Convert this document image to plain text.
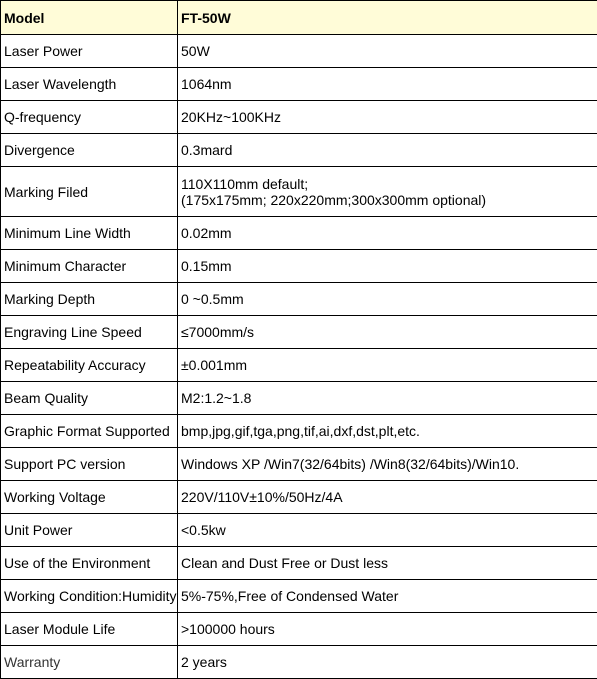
Model	FT-50W
Laser Power	50W
Laser Wavelength	1064nm
Q-frequency	20KHz~100KHz
Divergence	0.3mard
Marking Filed	110X110mm default;
(175x175mm; 220x220mm;300x300mm optional)

Minimum Line Width	0.02mm
Minimum Character	0.15mm
Marking Depth	0 ~0.5mm
Engraving Line Speed	≤7000mm/s
Repeatability Accuracy	±0.001mm
Beam Quality	M2:1.2~1.8
Graphic Format Supported	bmp,jpg,gif,tga,png,tif,ai,dxf,dst,plt,etc.
Support PC version	Windows XP /Win7(32/64bits) /Win8(32/64bits)/Win10.
Working Voltage	220V/110V±10%/50Hz/4A
Unit Power	<0.5kw
Use of the Environment	Clean and Dust Free or Dust less
Working Condition:Humidity	5%-75%,Free of Condensed Water
Laser Module Life	>100000 hours
Warranty	2 years
